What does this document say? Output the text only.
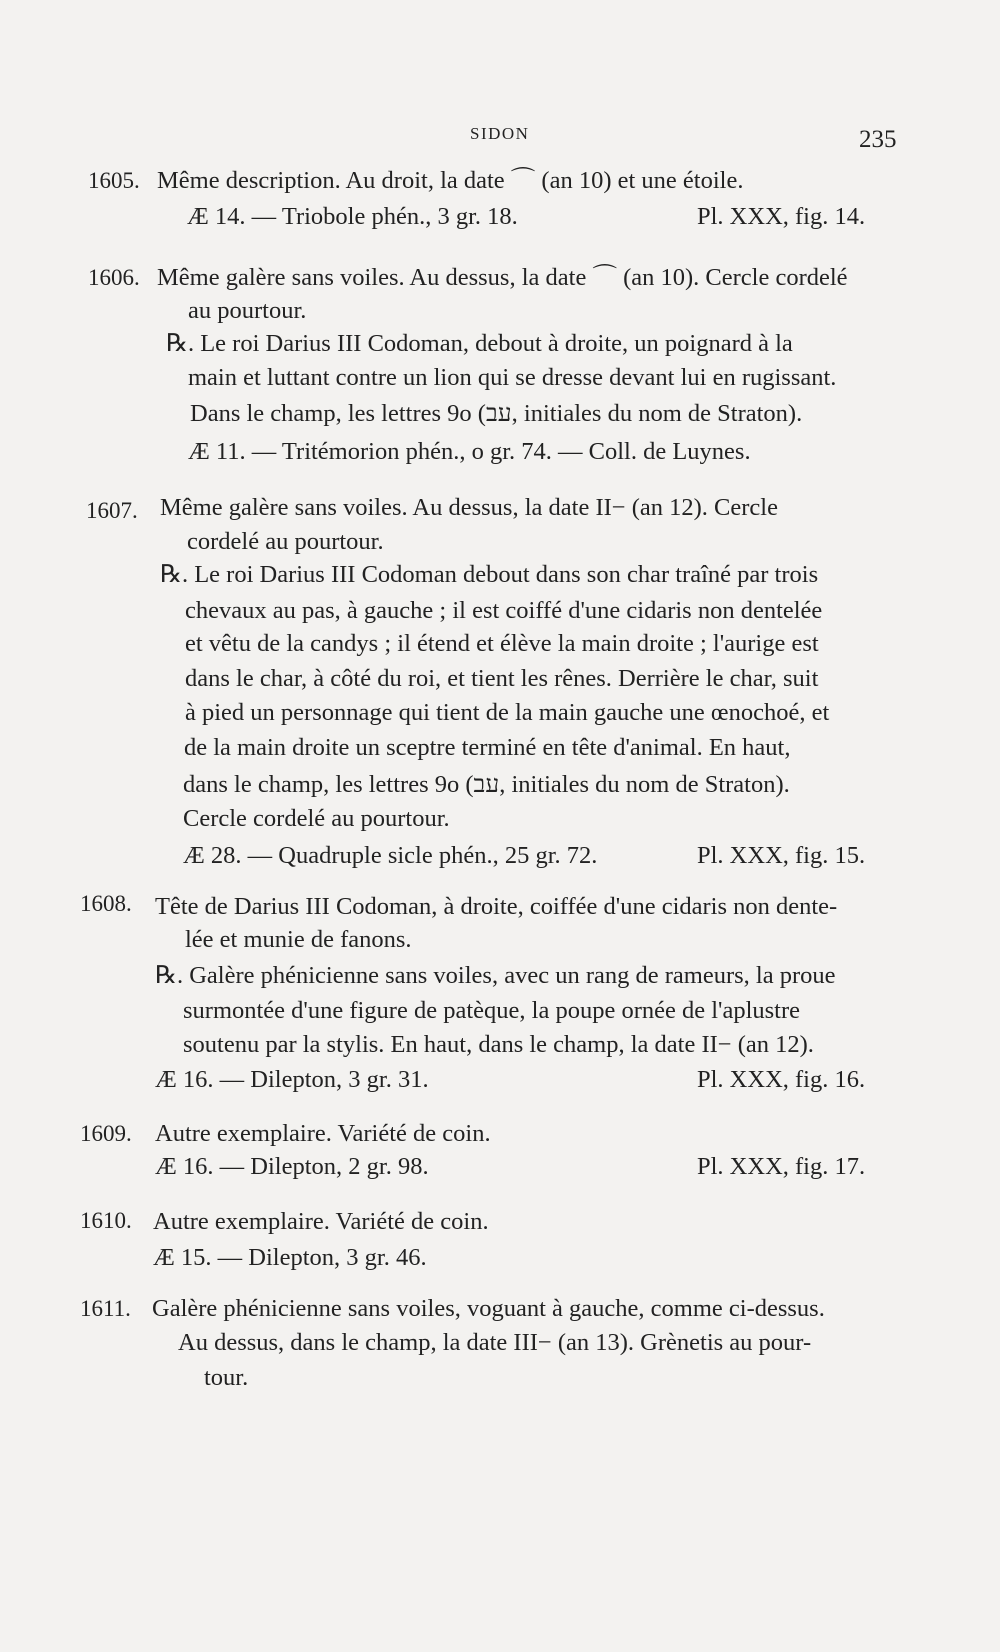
SIDON	235
1605. Même description. Au droit, la date ⌒ (an 10) et une étoile.
Æ 14. — Triobole phén., 3 gr. 18.	Pl. XXX, fig. 14.
1606. Même galère sans voiles. Au dessus, la date ⌒ (an 10). Cercle cordelé
au pourtour.
℞. Le roi Darius III Codoman, debout à droite, un poignard à la
main et luttant contre un lion qui se dresse devant lui en rugissant.
Dans le champ, les lettres 9o (עב, initiales du nom de Straton).
Æ 11. — Tritémorion phén., o gr. 74. — Coll. de Luynes.
1607. Même galère sans voiles. Au dessus, la date II− (an 12). Cercle
cordelé au pourtour.
℞. Le roi Darius III Codoman debout dans son char traîné par trois
chevaux au pas, à gauche ; il est coiffé d'une cidaris non dentelée
et vêtu de la candys ; il étend et élève la main droite ; l'aurige est
dans le char, à côté du roi, et tient les rênes. Derrière le char, suit
à pied un personnage qui tient de la main gauche une œnochoé, et
de la main droite un sceptre terminé en tête d'animal. En haut,
dans le champ, les lettres 9o (עב, initiales du nom de Straton).
Cercle cordelé au pourtour.
Æ 28. — Quadruple sicle phén., 25 gr. 72.	Pl. XXX, fig. 15.
1608. Tête de Darius III Codoman, à droite, coiffée d'une cidaris non dente-
lée et munie de fanons.
℞. Galère phénicienne sans voiles, avec un rang de rameurs, la proue
surmontée d'une figure de patèque, la poupe ornée de l'aplustre
soutenu par la stylis. En haut, dans le champ, la date II− (an 12).
Æ 16. — Dilepton, 3 gr. 31.	Pl. XXX, fig. 16.
1609. Autre exemplaire. Variété de coin.
Æ 16. — Dilepton, 2 gr. 98.	Pl. XXX, fig. 17.
1610. Autre exemplaire. Variété de coin.
Æ 15. — Dilepton, 3 gr. 46.
1611. Galère phénicienne sans voiles, voguant à gauche, comme ci-dessus.
Au dessus, dans le champ, la date III− (an 13). Grènetis au pour-
tour.
